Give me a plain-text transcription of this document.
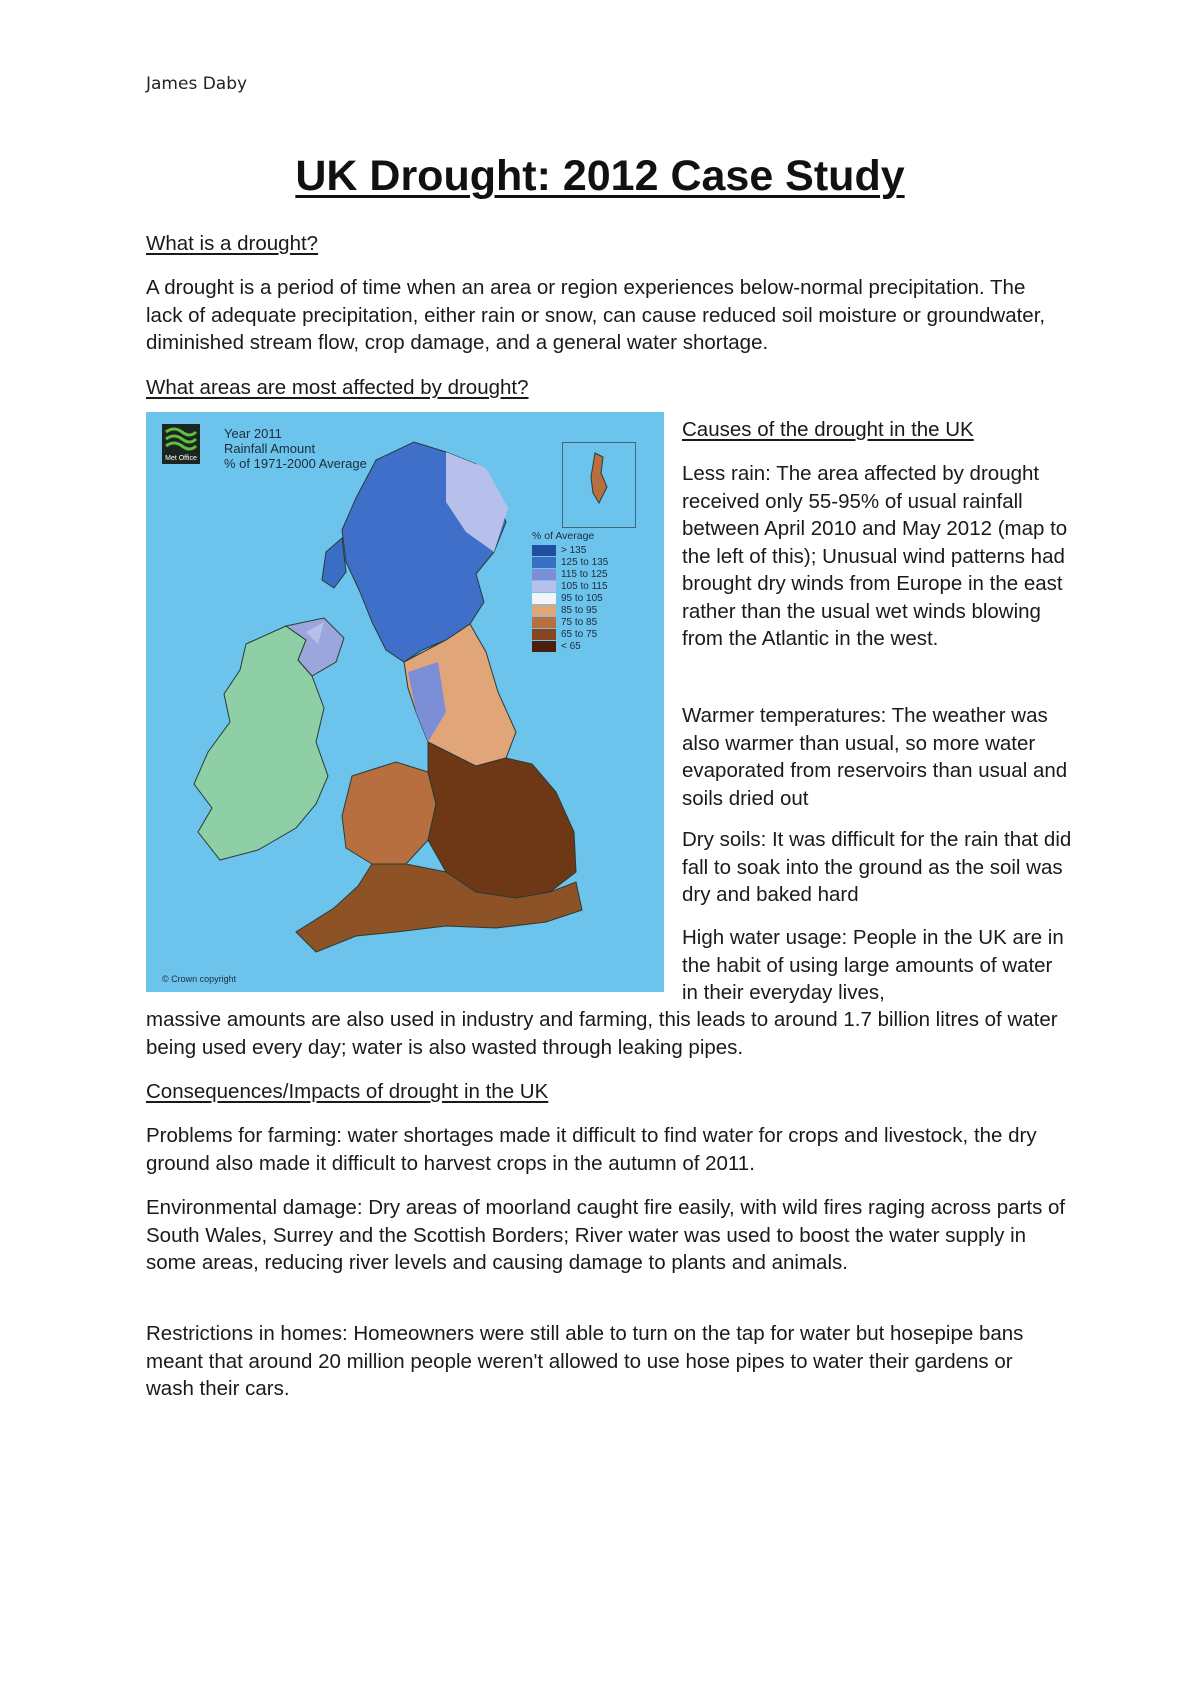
James Daby
UK Drought: 2012 Case Study

What is a drought?

A drought is a period of time when an area or region experiences below-normal precipitation. The lack of adequate precipitation, either rain or snow, can cause reduced soil moisture or groundwater, diminished stream flow, crop damage, and a general water shortage.

What areas are most affected by drought?

Met Office
Year 2011
Rainfall Amount
% of 1971-2000 Average
% of Average
> 135
125 to 135
115 to 125
105 to 115
95 to 105
85 to 95
75 to 85
65 to 75
< 65
© Crown copyright

Causes of the drought in the UK

Less rain: The area affected by drought received only 55-95% of usual rainfall between April 2010 and May 2012 (map to the left of this); Unusual wind patterns had brought dry winds from Europe in the east rather than the usual wet winds blowing from the Atlantic in the west.

Warmer temperatures: The weather was also warmer than usual, so more water evaporated from reservoirs than usual and soils dried out

Dry soils: It was difficult for the rain that did fall to soak into the ground as the soil was dry and baked hard

High water usage: People in the UK are in the habit of using large amounts of water in their everyday lives,

massive amounts are also used in industry and farming, this leads to around 1.7 billion litres of water being used every day; water is also wasted through leaking pipes.

Consequences/Impacts of drought in the UK

Problems for farming: water shortages made it difficult to find water for crops and livestock, the dry ground also made it difficult to harvest crops in the autumn of 2011.

Environmental damage: Dry areas of moorland caught fire easily, with wild fires raging across parts of South Wales, Surrey and the Scottish Borders; River water was used to boost the water supply in some areas, reducing river levels and causing damage to plants and animals.

Restrictions in homes: Homeowners were still able to turn on the tap for water but hosepipe bans meant that around 20 million people weren't allowed to use hose pipes to water their gardens or wash their cars.
